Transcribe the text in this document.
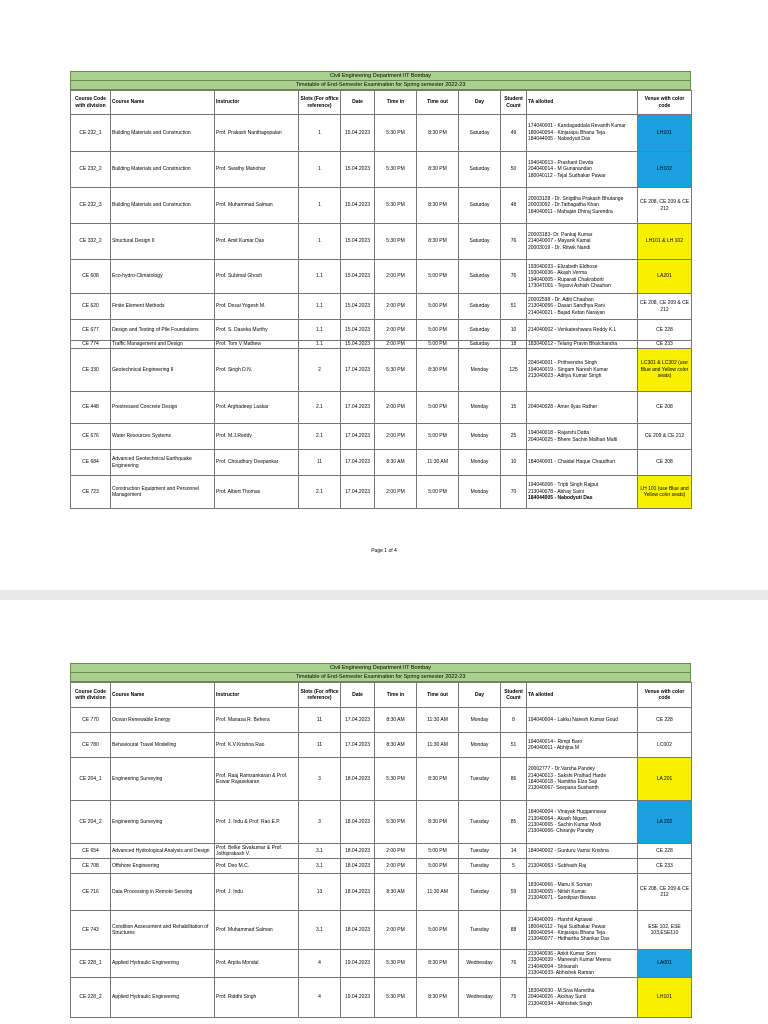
Civil Engineering Department IIT Bombay
Timetable of End-Semester Examination for Spring semester 2022-23
Course Code with division	Course Name	Instructor	Slots (For office reference)	Date	Time in	Time out	Day	Student Count	TA allotted	Venue with color code
CE 232_1	Building Materials and Construction	Prof. Prakash Nanthagopalan	1	15.04.2023	5:30 PM	8:30 PM	Saturday	49	174040001 - Kandagaddala Revanth Kumar
180040054 - Kinjarapu Bhanu Teja
184044005 - Nabodyuti Das	LH101
CE 232_2	Building Materials and Construction	Prof. Swathy Manohar	1	15.04.2023	5:30 PM	8:30 PM	Saturday	50	194040013 - Prashant Devda
204040014 - M Gunanandan
180040112 - Tejal Sudhakar Pawar	LH102
CE 232_3	Building Materials and Construction	Prof. Muhammad Salman	1	15.04.2023	5:30 PM	8:30 PM	Saturday	48	20003128 - Dr. Snigdha Prakash Bhutange
20003092 - Dr.Tathagatha Khan
184040011 - Mahajan Dhiraj Surendra	CE 208, CE 209 & CE 212
CE 332_2	Structural Design II	Prof. Amit Kumar Das	1	15.04.2023	5:30 PM	8:30 PM	Saturday	76	20003183- Dr. Pankaj Kumar
214040007 - Mayank Kamal
20003019 - Dr. Ritwik Nandi	LH101 & LH 102
CE 608	Eco-hydro-Climatology	Prof. Subimal Ghosh	1.1	15.04.2023	2:00 PM	5:00 PM	Saturday	76	193040033 - Elizabeth Eldhose
193040036 - Akash Verma
194040005 - Ruparati Chakraborti
17304T001 - Tejasvi Ashish Chauhan	LA201
CE 620	Finite Element Methods	Prof. Desai Yogesh M.	1.1	15.04.2023	2:00 PM	5:00 PM	Saturday	51	20002598 - Dr. Aditi Chauhan
213040056 - Dasari Sandhya Rani
214040021 - Bajad Ketan Narayan	CE 208, CE 209 & CE 212
CE 677	Design and Testing of Pile Foundations	Prof. S. Daseka Murthy	1.1	15.04.2023	2:00 PM	5:00 PM	Saturday	10	214040002 - Venkateshwara Reddy K.L	CE 228
CE 774	Traffic Management and Design	Prof. Tom V Mathew	1.1	15.04.2023	2:00 PM	5:00 PM	Saturday	18	183040012 - Telang Pravin Bhalchandra	CE 233
CE 330	Geotechnical Engineering II	Prof. Singh D.N.	2	17.04.2023	5:30 PM	8:30 PM	Monday	125	204040001 - Prithvendra Singh
194040019 - Singam Naresh Kumar
213040023 - Aditya Kumar Singh	LC301 & LC302 (use Blue and Yellow color seats)
CE 448	Prestressed Concrete Design	Prof. Arghadeep Laskar	2.1	17.04.2023	2:00 PM	5:00 PM	Monday	15	204040028 - Amer Ilyas Rather	CE 208
CE 676	Water Resources Systems	Prof. M.J.Reddy	2.1	17.04.2023	2:00 PM	5:00 PM	Monday	25	194040018 - Rajarshi Datta
204040025 - Bhere Sachin Malhari Malti	CE 209 & CE 212
CE 684	Advanced Geotechnical Earthquake Engineering	Prof. Choudhury Deepankar	11	17.04.2023	8:30 AM	11:30 AM	Monday	10	184040001 - Chaidal Haque Chaudhuri	CE 208
CE 723	Construction Equipment and Personnel Management	Prof. Albert Thomas	2.1	17.04.2023	2:00 PM	5:00 PM	Monday	70	194046006 - Tripti Singh Rajput
213040078 - Abhay Saini
184044005 - Nabodyuti Das	LH 101 (use Blue and Yellow color seats)
Page 1 of 4
Civil Engineering Department IIT Bombay
Timetable of End-Semester Examination for Spring semester 2022-23
Course Code with division	Course Name	Instructor	Slots (For office reference)	Date	Time in	Time out	Day	Student Count	TA allotted	Venue with color code
CE 770	Ocean Renewable Energy	Prof. Manasa R. Behera	11	17.04.2023	8:30 AM	11:30 AM	Monday	8	194040004 - Lakku Naresh Kumar Goud	CE 228
CE 780	Behavioural Travel Modelling	Prof. K.V.Krishna Rao	11	17.04.2023	8:30 AM	11:30 AM	Monday	51	194040014 - Rimpi Baro
204040011 - Abhijna M	LC002
CE 204_1	Engineering Surveying	Prof. Raaj Ramsankaran & Prof. Eswar Rajasekaran	3	18.04.2023	5:30 PM	8:30 PM	Tuesday	86	20002777 - Dr.Varsha Pandey
214040013 - Sakshi Pralhad Harde
184040018 - Namitha Elza Saji
213040067- Seepana Sushanth	LA 201
CE 204_2	Engineering Surveying	Prof. J. Indu & Prof. Rao E.P.	3	18.04.2023	5:30 PM	8:30 PM	Tuesday	85	184040004 - Vinayak Huggannavar
213040064 - Akash Nigam
213040065 - Sachin Kumar Modi
213040066- Chiranjiv Pandey	LA 202
CE 654	Advanced Hydrological Analysis and Design	Prof. Belke Sivakumar & Prof. Jothiprakash V.	3.1	18.04.2023	2:00 PM	5:00 PM	Tuesday	14	184040002 - Gunturu Vamsi Krishna	CE 228
CE 708	Offshore Engineering	Prof. Deo M.C.	3.1	18.04.2023	2:00 PM	5:00 PM	Tuesday	5	213040063 - Subhash Raj	CE 233
CE 716	Data Processing in Remote Sensing	Prof. J. Indu	13	18.04.2023	8:30 AM	11:30 AM	Tuesday	59	183040066 - Manu K Soman
193040065 - Nitish Kumar
213040071 - Sandipan Biswas	CE 208, CE 209 & CE 212
CE 743	Condition Assessment and Rehabilitation of Structures	Prof. Muhammad Salman	3.1	18.04.2023	2:00 PM	5:00 PM	Tuesday	88	214040009 - Harshit Agrawal
180040112 - Tejal Sudhakar Pawar
180040054 - Kinjarapu Bhanu Teja
213040077 - Hidhartha Shankar Das	ESE 102, ESE 103,ESE110
CE 228_1	Applied Hydraulic Engineering	Prof. Arpita Mondal	4	19.04.2023	5:30 PM	8:30 PM	Wednesday	76	213040036 - Ankit Kumar Soni
213040039 - Maneesh Kumar Meena
214040004 - Shivansh
213040033- Abhishek Raman	LA001
CE 228_2	Applied Hydraulic Engineering	Prof. Riddhi Singh	4	19.04.2023	5:30 PM	8:30 PM	Wednesday	75	183040030 - M.Siva Manvitha
204040026 - Akshay Sunil
213040034 - Abhishek Singh	LH101
